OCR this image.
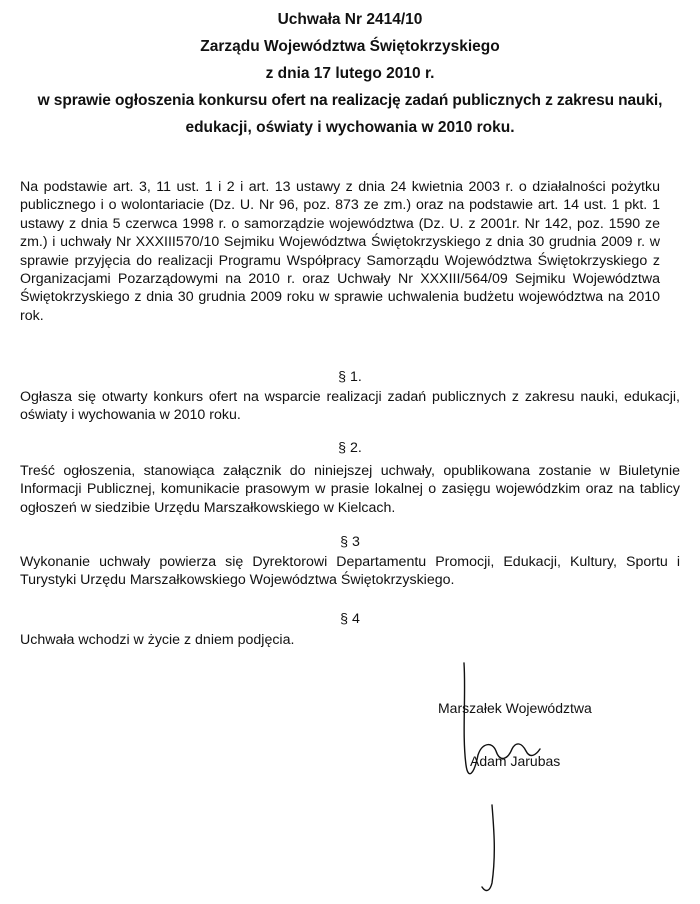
Uchwała Nr 2414/10
Zarządu Województwa Świętokrzyskiego
z dnia 17 lutego 2010 r.
w sprawie ogłoszenia konkursu ofert na realizację zadań publicznych z zakresu nauki,
edukacji, oświaty i wychowania w 2010 roku.
Na podstawie art. 3, 11 ust. 1 i 2 i art. 13 ustawy z dnia 24 kwietnia 2003 r. o działalności pożytku publicznego i o wolontariacie (Dz. U. Nr 96, poz. 873 ze zm.) oraz na podstawie art. 14 ust. 1 pkt. 1 ustawy z dnia 5 czerwca 1998 r. o samorządzie województwa (Dz. U. z 2001r. Nr 142, poz. 1590 ze zm.) i uchwały Nr XXXIII570/10 Sejmiku Województwa Świętokrzyskiego z dnia 30 grudnia 2009 r. w sprawie przyjęcia do realizacji Programu Współpracy Samorządu Województwa Świętokrzyskiego z Organizacjami Pozarządowymi na 2010 r. oraz Uchwały Nr XXXIII/564/09 Sejmiku Województwa Świętokrzyskiego z dnia 30 grudnia 2009 roku w sprawie uchwalenia budżetu województwa na 2010 rok.
§ 1.
Ogłasza się otwarty konkurs ofert na wsparcie realizacji zadań publicznych z zakresu nauki, edukacji, oświaty i wychowania w 2010 roku.
§ 2.
Treść ogłoszenia, stanowiąca załącznik do niniejszej uchwały, opublikowana zostanie w Biuletynie Informacji Publicznej, komunikacie prasowym w prasie lokalnej o zasięgu wojewódzkim oraz na tablicy ogłoszeń w siedzibie Urzędu Marszałkowskiego w Kielcach.
§ 3
Wykonanie uchwały powierza się Dyrektorowi Departamentu Promocji, Edukacji, Kultury, Sportu i Turystyki Urzędu Marszałkowskiego Województwa Świętokrzyskiego.
§ 4
Uchwała wchodzi w życie z dniem podjęcia.
Marszałek Województwa
Adam Jarubas
